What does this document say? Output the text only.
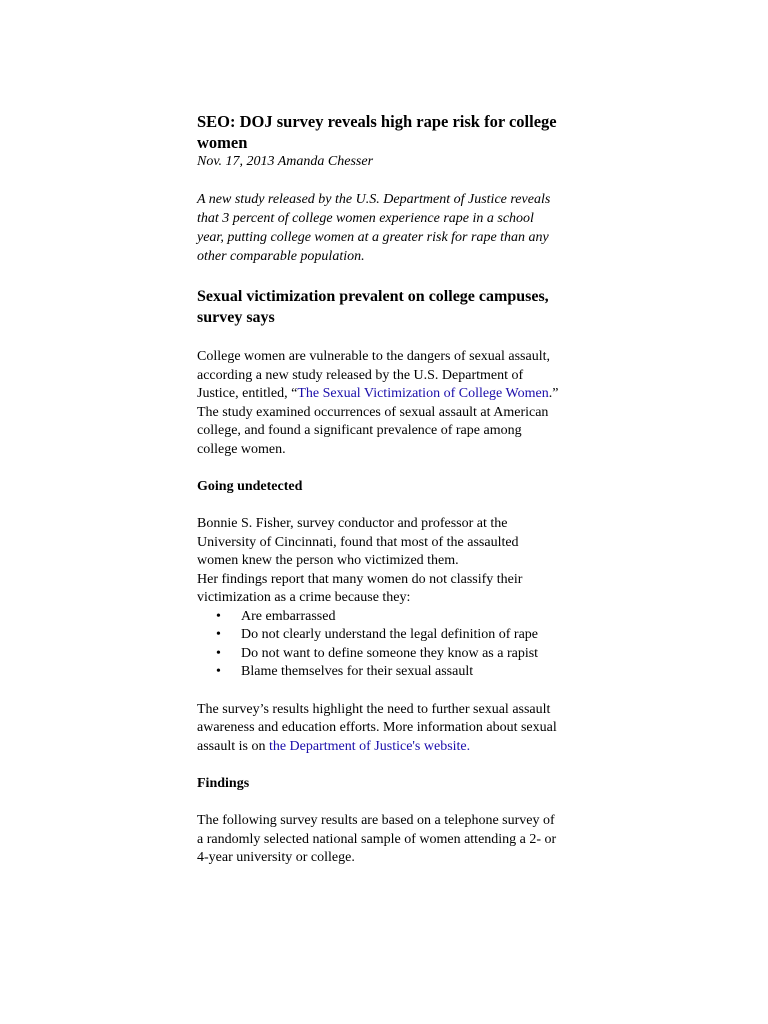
SEO: DOJ survey reveals high rape risk for college women

Nov. 17, 2013 Amanda Chesser

A new study released by the U.S. Department of Justice reveals that 3 percent of college women experience rape in a school year, putting college women at a greater risk for rape than any other comparable population.

Sexual victimization prevalent on college campuses, survey says

College women are vulnerable to the dangers of sexual assault, according a new study released by the U.S. Department of Justice, entitled, “The Sexual Victimization of College Women.” The study examined occurrences of sexual assault at American college, and found a significant prevalence of rape among college women.

Going undetected

Bonnie S. Fisher, survey conductor and professor at the University of Cincinnati, found that most of the assaulted women knew the person who victimized them.

Her findings report that many women do not classify their victimization as a crime because they:

• Are embarrassed
• Do not clearly understand the legal definition of rape
• Do not want to define someone they know as a rapist
• Blame themselves for their sexual assault

The survey’s results highlight the need to further sexual assault awareness and education efforts. More information about sexual assault is on the Department of Justice's website.

Findings

The following survey results are based on a telephone survey of a randomly selected national sample of women attending a 2- or 4-year university or college.
